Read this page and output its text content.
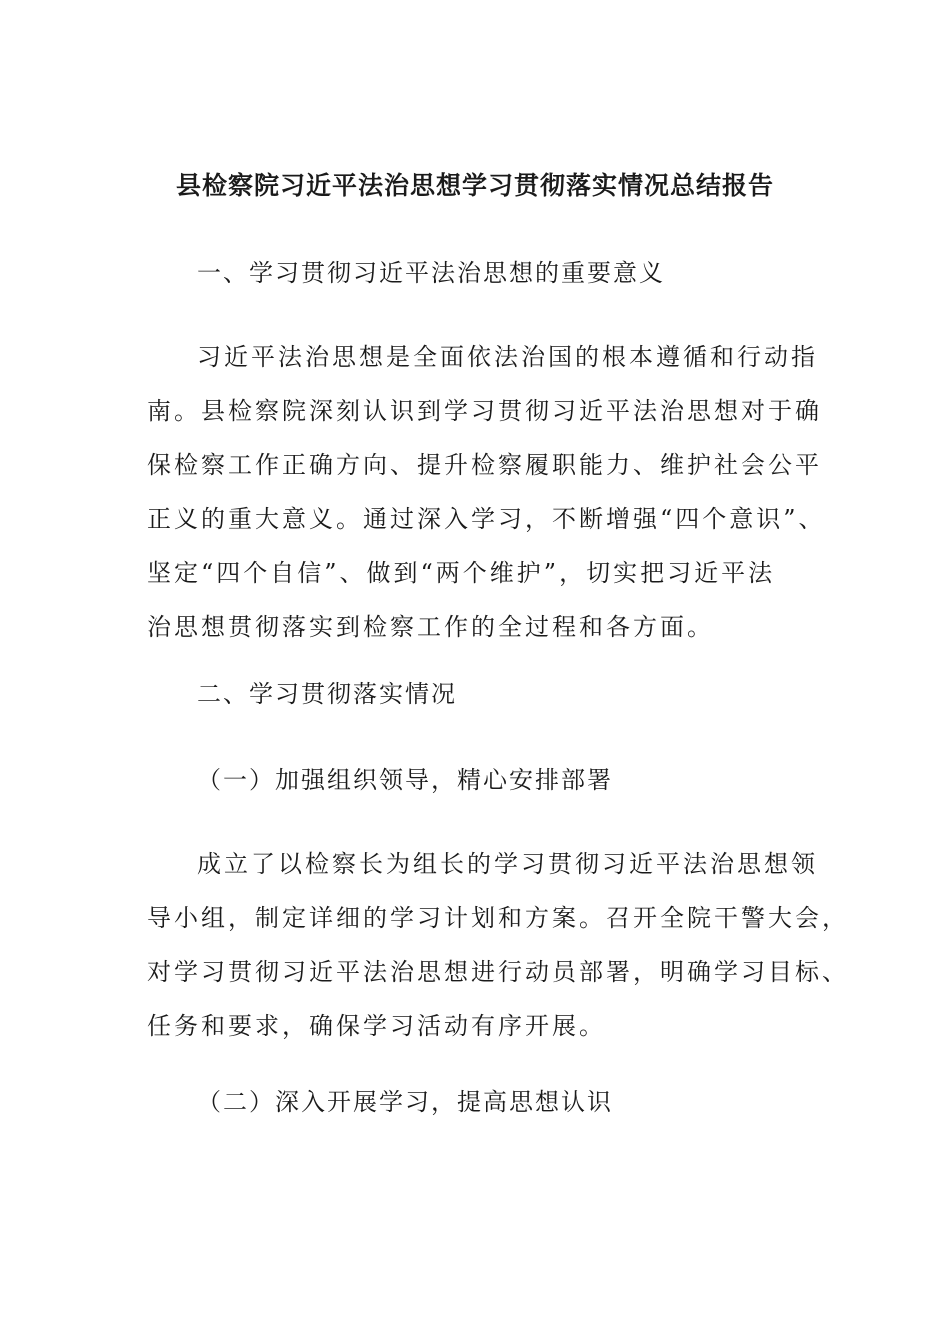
县检察院习近平法治思想学习贯彻落实情况总结报告

一、学习贯彻习近平法治思想的重要意义

习近平法治思想是全面依法治国的根本遵循和行动指
南。县检察院深刻认识到学习贯彻习近平法治思想对于确
保检察工作正确方向、提升检察履职能力、维护社会公平
正义的重大意义。通过深入学习，不断增强“四个意识”、
坚定“四个自信”、做到“两个维护”，切实把习近平法
治思想贯彻落实到检察工作的全过程和各方面。

二、学习贯彻落实情况

（一）加强组织领导，精心安排部署

成立了以检察长为组长的学习贯彻习近平法治思想领
导小组，制定详细的学习计划和方案。召开全院干警大会，
对学习贯彻习近平法治思想进行动员部署，明确学习目标、
任务和要求，确保学习活动有序开展。

（二）深入开展学习，提高思想认识
